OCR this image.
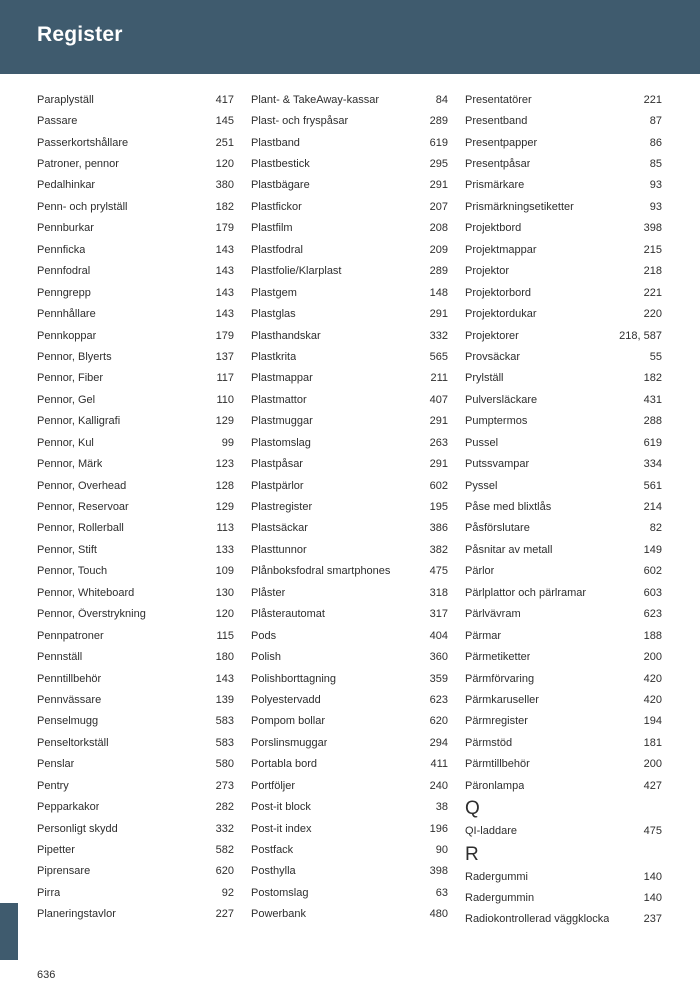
Register
Paraplyställ	417
Passare	145
Passerkortshållare	251
Patroner, pennor	120
Pedalhinkar	380
Penn- och prylställ	182
Pennburkar	179
Pennficka	143
Pennfodral	143
Penngrepp	143
Pennhållare	143
Pennkoppar	179
Pennor, Blyerts	137
Pennor, Fiber	117
Pennor, Gel	110
Pennor, Kalligrafi	129
Pennor, Kul	99
Pennor, Märk	123
Pennor, Overhead	128
Pennor, Reservoar	129
Pennor, Rollerball	113
Pennor, Stift	133
Pennor, Touch	109
Pennor, Whiteboard	130
Pennor, Överstrykning	120
Pennpatroner	115
Pennställ	180
Penntillbehör	143
Pennvässare	139
Penselmugg	583
Penseltorkställ	583
Penslar	580
Pentry	273
Pepparkakor	282
Personligt skydd	332
Pipetter	582
Piprensare	620
Pirra	92
Planeringstavlor	227
Plant- & TakeAway-kassar	84
Plast- och fryspåsar	289
Plastband	619
Plastbestick	295
Plastbägare	291
Plastfickor	207
Plastfilm	208
Plastfodral	209
Plastfolie/Klarplast	289
Plastgem	148
Plastglas	291
Plasthandskar	332
Plastkrita	565
Plastmappar	211
Plastmattor	407
Plastmuggar	291
Plastomslag	263
Plastpåsar	291
Plastpärlor	602
Plastregister	195
Plastsäckar	386
Plasttunnor	382
Plånboksfodral smartphones	475
Plåster	318
Plåsterautomat	317
Pods	404
Polish	360
Polishborttagning	359
Polyestervadd	623
Pompom bollar	620
Porslinsmuggar	294
Portabla bord	411
Portföljer	240
Post-it block	38
Post-it index	196
Postfack	90
Posthylla	398
Postomslag	63
Powerbank	480
Presentatörer	221
Presentband	87
Presentpapper	86
Presentpåsar	85
Prismärkare	93
Prismärkningsetiketter	93
Projektbord	398
Projektmappar	215
Projektor	218
Projektorbord	221
Projektordukar	220
Projektorer	218, 587
Provsäckar	55
Prylställ	182
Pulversläckare	431
Pumptermos	288
Pussel	619
Putssvampar	334
Pyssel	561
Påse med blixtlås	214
Påsförslutare	82
Påsnitar av metall	149
Pärlor	602
Pärlplattor och pärlramar	603
Pärlvävram	623
Pärmar	188
Pärmetiketter	200
Pärmförvaring	420
Pärmkaruseller	420
Pärmregister	194
Pärmstöd	181
Pärmtillbehör	200
Päronlampa	427
Q
QI-laddare	475
R
Radergummi	140
Radergummin	140
Radiokontrollerad väggklocka	237
636
